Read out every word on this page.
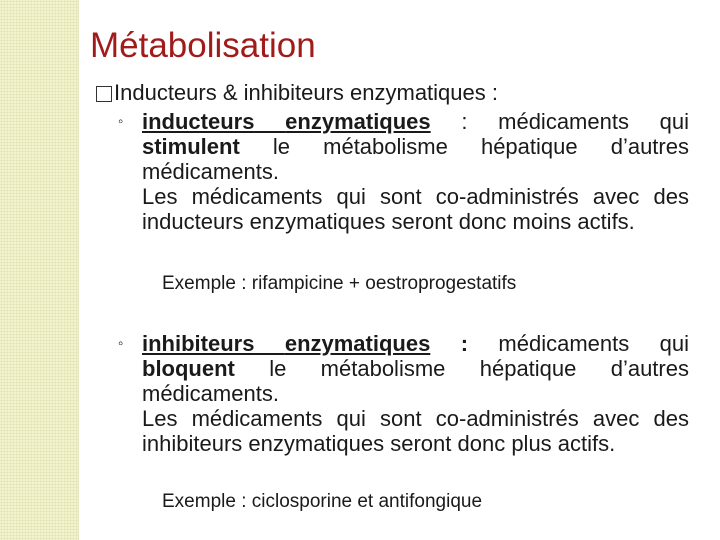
Métabolisation
Inducteurs & inhibiteurs enzymatiques :
◦ inducteurs enzymatiques : médicaments qui stimulent le métabolisme hépatique d’autres médicaments.
Les médicaments qui sont co-administrés avec des inducteurs enzymatiques seront donc moins actifs.
Exemple : rifampicine + oestroprogestatifs
◦ inhibiteurs enzymatiques : médicaments qui bloquent le métabolisme hépatique d’autres médicaments.
Les médicaments qui sont co-administrés avec des inhibiteurs enzymatiques seront donc plus actifs.
Exemple : ciclosporine et antifongique
